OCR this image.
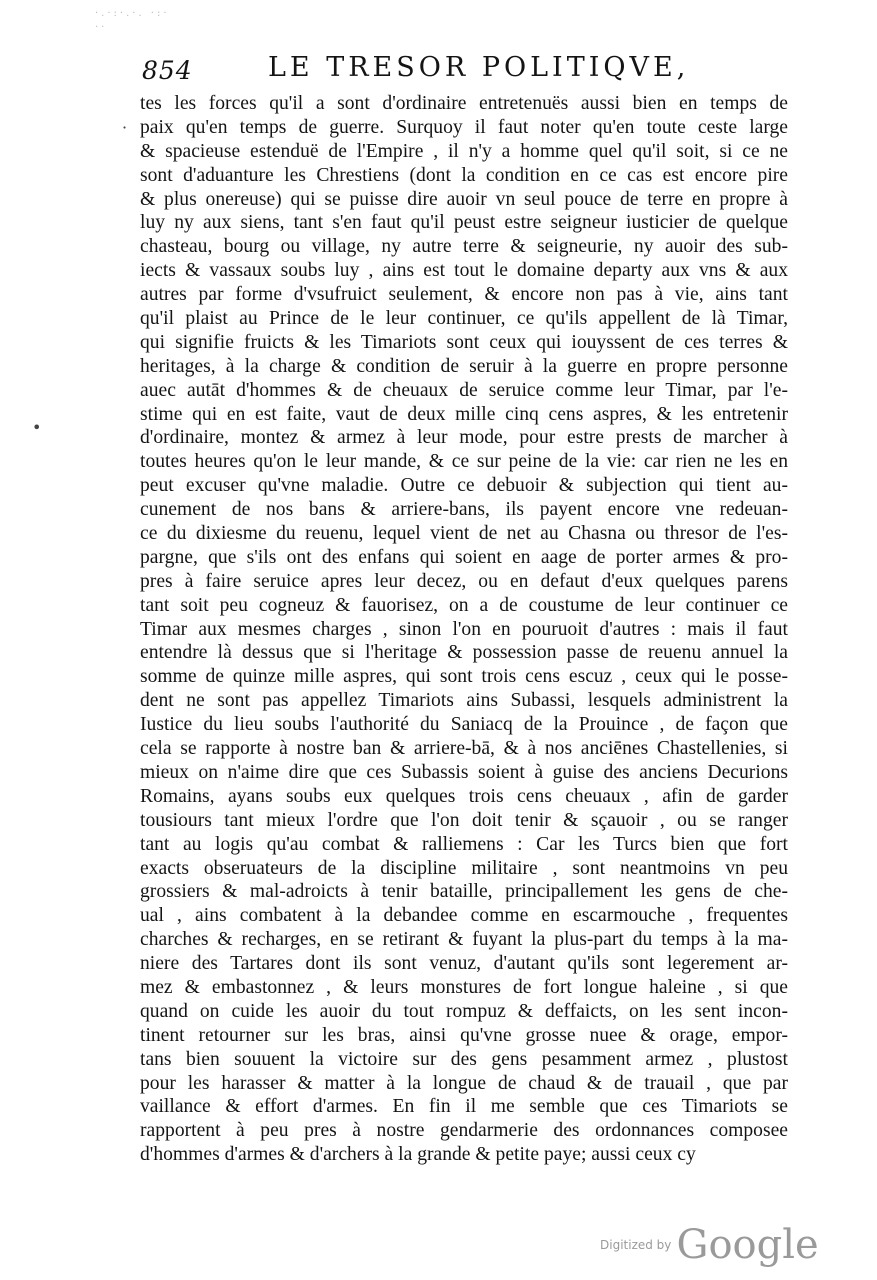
·.·:·.·. ·:· ..
854	LE TRESOR POLITIQVE,
tes les forces qu'il a sont d'ordinaire entretenuës aussi bien en temps de
paix qu'en temps de guerre. Surquoy il faut noter qu'en toute ceste large
& spacieuse estenduë de l'Empire , il n'y a homme quel qu'il soit, si ce ne
sont d'aduanture les Chrestiens (dont la condition en ce cas est encore pire
& plus onereuse) qui se puisse dire auoir vn seul pouce de terre en propre à
luy ny aux siens, tant s'en faut qu'il peust estre seigneur iusticier de quelque
chasteau, bourg ou village, ny autre terre & seigneurie, ny auoir des sub-
iects & vassaux soubs luy , ains est tout le domaine departy aux vns & aux
autres par forme d'vsufruict seulement, & encore non pas à vie, ains tant
qu'il plaist au Prince de le leur continuer, ce qu'ils appellent de là Timar,
qui signifie fruicts & les Timariots sont ceux qui iouyssent de ces terres &
heritages, à la charge & condition de seruir à la guerre en propre personne
auec autāt d'hommes & de cheuaux de seruice comme leur Timar, par l'e-
stime qui en est faite, vaut de deux mille cinq cens aspres, & les entretenir
d'ordinaire, montez & armez à leur mode, pour estre prests de marcher à
toutes heures qu'on le leur mande, & ce sur peine de la vie: car rien ne les en
peut excuser qu'vne maladie. Outre ce debuoir & subjection qui tient au-
cunement de nos bans & arriere-bans, ils payent encore vne redeuan-
ce du dixiesme du reuenu, lequel vient de net au Chasna ou thresor de l'es-
pargne, que s'ils ont des enfans qui soient en aage de porter armes & pro-
pres à faire seruice apres leur decez, ou en defaut d'eux quelques parens
tant soit peu cogneuz & fauorisez, on a de coustume de leur continuer ce
Timar aux mesmes charges , sinon l'on en pouruoit d'autres : mais il faut
entendre là dessus que si l'heritage & possession passe de reuenu annuel la
somme de quinze mille aspres, qui sont trois cens escuz , ceux qui le posse-
dent ne sont pas appellez Timariots ains Subassi, lesquels administrent la
Iustice du lieu soubs l'authorité du Saniacq de la Prouince , de façon que
cela se rapporte à nostre ban & arriere-bā, & à nos anciēnes Chastellenies, si
mieux on n'aime dire que ces Subassis soient à guise des anciens Decurions
Romains, ayans soubs eux quelques trois cens cheuaux , afin de garder
tousiours tant mieux l'ordre que l'on doit tenir & sçauoir , ou se ranger
tant au logis qu'au combat & ralliemens : Car les Turcs bien que fort
exacts obseruateurs de la discipline militaire , sont neantmoins vn peu
grossiers & mal-adroicts à tenir bataille, principallement les gens de che-
ual , ains combatent à la debandee comme en escarmouche , frequentes
charches & recharges, en se retirant & fuyant la plus-part du temps à la ma-
niere des Tartares dont ils sont venuz, d'autant qu'ils sont legerement ar-
mez & embastonnez , & leurs monstures de fort longue haleine , si que
quand on cuide les auoir du tout rompuz & deffaicts, on les sent incon-
tinent retourner sur les bras, ainsi qu'vne grosse nuee & orage, empor-
tans bien souuent la victoire sur des gens pesamment armez , plustost
pour les harasser & matter à la longue de chaud & de trauail , que par
vaillance & effort d'armes. En fin il me semble que ces Timariots se
rapportent à peu pres à nostre gendarmerie des ordonnances composee
d'hommes d'armes & d'archers à la grande & petite paye; aussi ceux cy
·
•
Digitized by Google
